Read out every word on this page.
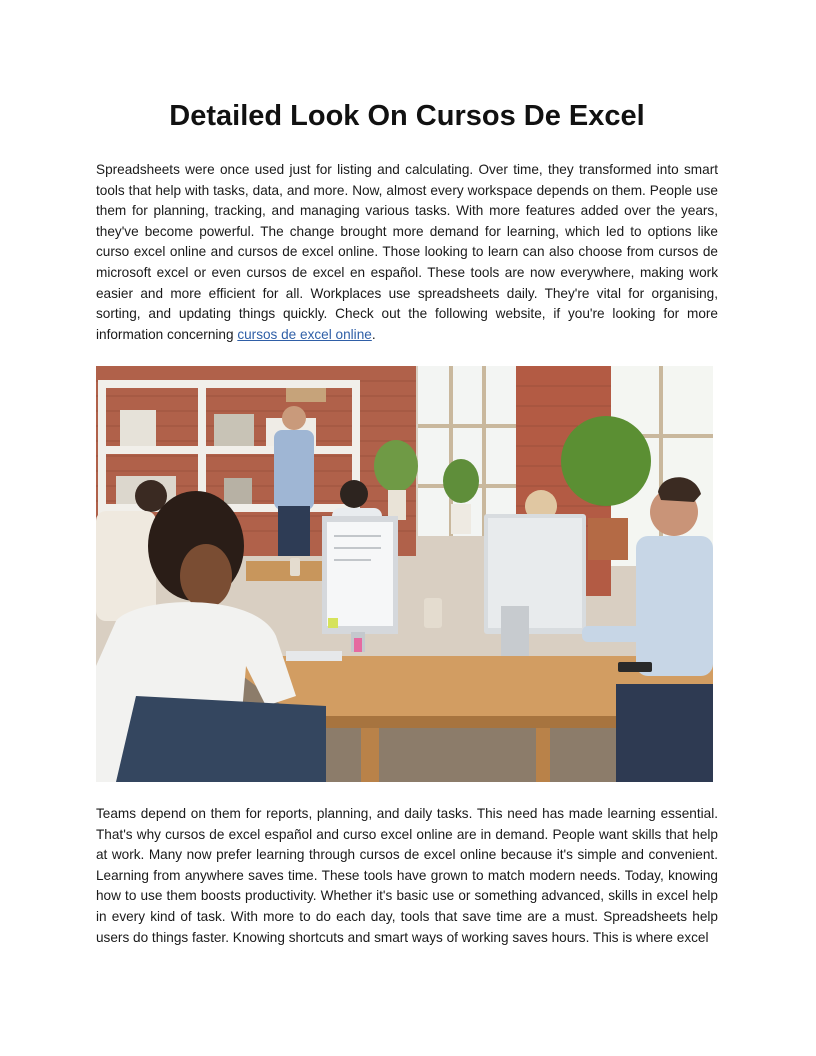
Detailed Look On Cursos De Excel

Spreadsheets were once used just for listing and calculating. Over time, they transformed into smart tools that help with tasks, data, and more. Now, almost every workspace depends on them. People use them for planning, tracking, and managing various tasks. With more features added over the years, they've become powerful. The change brought more demand for learning, which led to options like curso excel online and cursos de excel online. Those looking to learn can also choose from cursos de microsoft excel or even cursos de excel en español. These tools are now everywhere, making work easier and more efficient for all. Workplaces use spreadsheets daily. They're vital for organising, sorting, and updating things quickly. Check out the following website, if you're looking for more information concerning cursos de excel online.

Teams depend on them for reports, planning, and daily tasks. This need has made learning essential. That's why cursos de excel español and curso excel online are in demand. People want skills that help at work. Many now prefer learning through cursos de excel online because it's simple and convenient. Learning from anywhere saves time. These tools have grown to match modern needs. Today, knowing how to use them boosts productivity. Whether it's basic use or something advanced, skills in excel help in every kind of task. With more to do each day, tools that save time are a must. Spreadsheets help users do things faster. Knowing shortcuts and smart ways of working saves hours. This is where excel
